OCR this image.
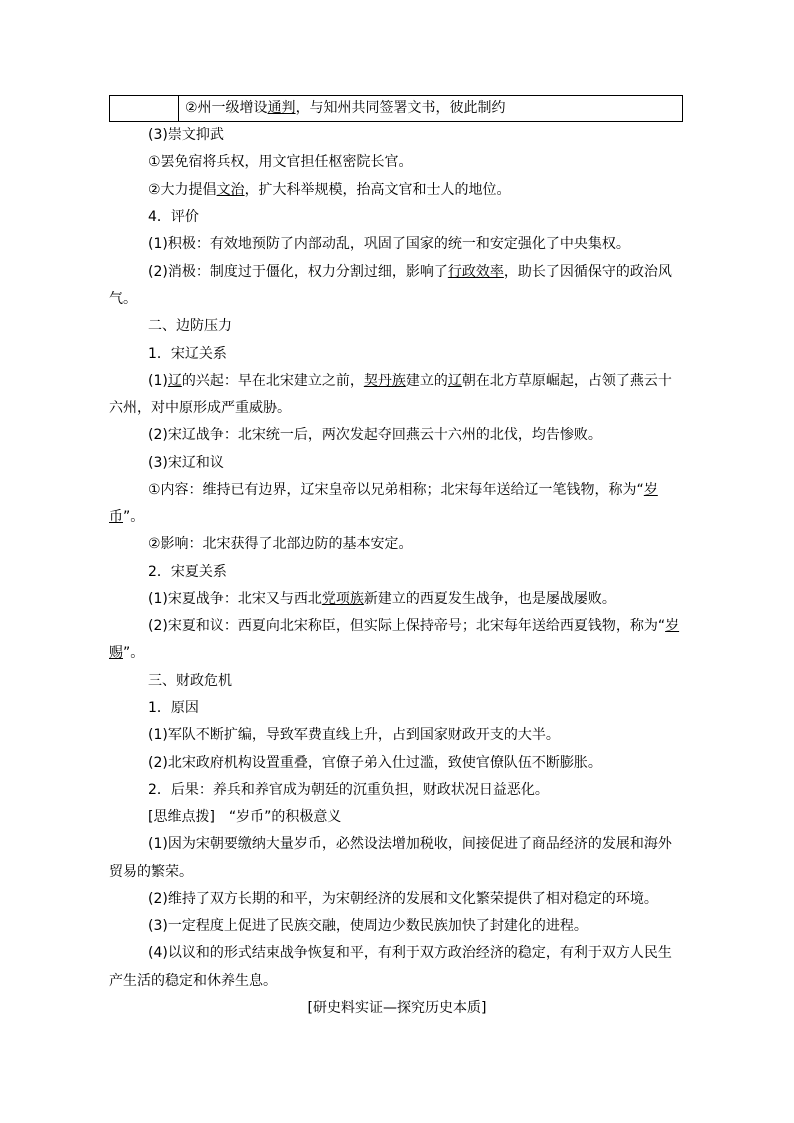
②州一级增设通判，与知州共同签署文书，彼此制约
(3)崇文抑武
①罢免宿将兵权，用文官担任枢密院长官。
②大力提倡文治，扩大科举规模，抬高文官和士人的地位。
4．评价
(1)积极：有效地预防了内部动乱，巩固了国家的统一和安定强化了中央集权。
(2)消极：制度过于僵化，权力分割过细，影响了行政效率，助长了因循保守的政治风
气。
二、边防压力
1．宋辽关系
(1)辽的兴起：早在北宋建立之前，契丹族建立的辽朝在北方草原崛起，占领了燕云十
六州，对中原形成严重威胁。
(2)宋辽战争：北宋统一后，两次发起夺回燕云十六州的北伐，均告惨败。
(3)宋辽和议
①内容：维持已有边界，辽宋皇帝以兄弟相称；北宋每年送给辽一笔钱物，称为“岁
币”。
②影响：北宋获得了北部边防的基本安定。
2．宋夏关系
(1)宋夏战争：北宋又与西北党项族新建立的西夏发生战争，也是屡战屡败。
(2)宋夏和议：西夏向北宋称臣，但实际上保持帝号；北宋每年送给西夏钱物，称为“岁
赐”。
三、财政危机
1．原因
(1)军队不断扩编，导致军费直线上升，占到国家财政开支的大半。
(2)北宋政府机构设置重叠，官僚子弟入仕过滥，致使官僚队伍不断膨胀。
2．后果：养兵和养官成为朝廷的沉重负担，财政状况日益恶化。
[思维点拨]　“岁币”的积极意义
(1)因为宋朝要缴纳大量岁币，必然设法增加税收，间接促进了商品经济的发展和海外
贸易的繁荣。
(2)维持了双方长期的和平，为宋朝经济的发展和文化繁荣提供了相对稳定的环境。
(3)一定程度上促进了民族交融，使周边少数民族加快了封建化的进程。
(4)以议和的形式结束战争恢复和平，有利于双方政治经济的稳定，有利于双方人民生
产生活的稳定和休养生息。
[研史料实证—探究历史本质]
